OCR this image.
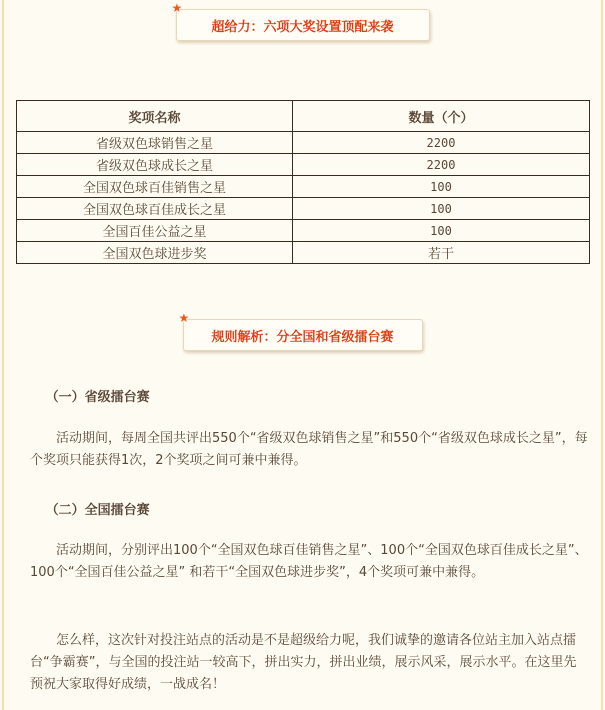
★
超给力：六项大奖设置顶配来袭
奖项名称	数量（个）
省级双色球销售之星	2200
省级双色球成长之星	2200
全国双色球百佳销售之星	100
全国双色球百佳成长之星	100
全国百佳公益之星	100
全国双色球进步奖	若干
★
规则解析：分全国和省级擂台赛

（一）省级擂台赛

活动期间，每周全国共评出550个“省级双色球销售之星”和550个“省级双色球成长之星”，每个奖项只能获得1次，2个奖项之间可兼中兼得。

（二）全国擂台赛

活动期间，分别评出100个“全国双色球百佳销售之星”、100个“全国双色球百佳成长之星”、100个“全国百佳公益之星” 和若干“全国双色球进步奖”，4个奖项可兼中兼得。

怎么样，这次针对投注站点的活动是不是超级给力呢，我们诚挚的邀请各位站主加入站点擂台“争霸赛”，与全国的投注站一较高下，拼出实力，拼出业绩，展示风采，展示水平。在这里先预祝大家取得好成绩，一战成名！
